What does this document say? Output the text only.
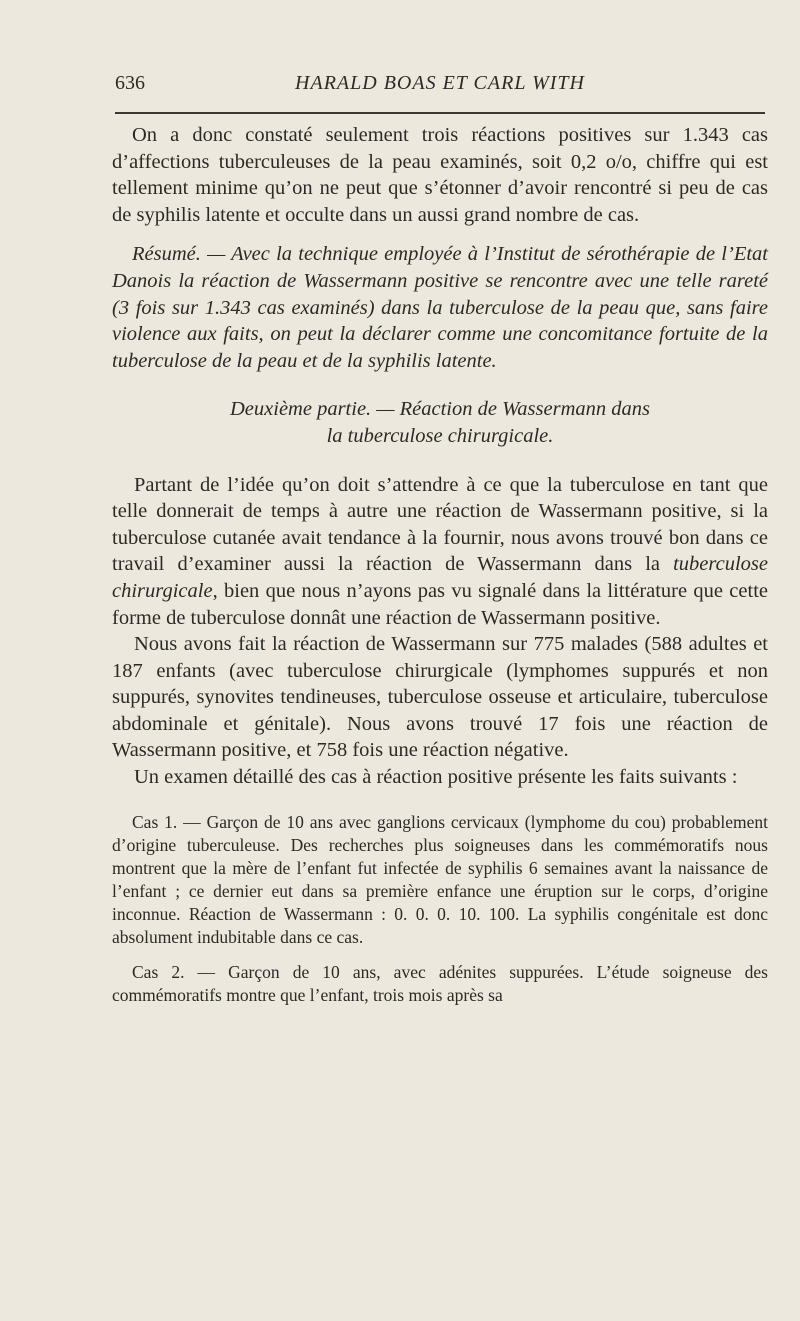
636	HARALD BOAS ET CARL WITH

On a donc constaté seulement trois réactions positives sur 1.343 cas d’affections tuberculeuses de la peau examinés, soit 0,2 o/o, chiffre qui est tellement minime qu’on ne peut que s’étonner d’avoir rencontré si peu de cas de syphilis latente et occulte dans un aussi grand nombre de cas.

Résumé. — Avec la technique employée à l’Institut de sérothérapie de l’Etat Danois la réaction de Wassermann positive se rencontre avec une telle rareté (3 fois sur 1.343 cas examinés) dans la tuberculose de la peau que, sans faire violence aux faits, on peut la déclarer comme une concomitance fortuite de la tuberculose de la peau et de la syphilis latente.

Deuxième partie. — Réaction de Wassermann dans
la tuberculose chirurgicale.

Partant de l’idée qu’on doit s’attendre à ce que la tuberculose en tant que telle donnerait de temps à autre une réaction de Wassermann positive, si la tuberculose cutanée avait tendance à la fournir, nous avons trouvé bon dans ce travail d’examiner aussi la réaction de Wassermann dans la tuberculose chirurgicale, bien que nous n’ayons pas vu signalé dans la littérature que cette forme de tuberculose donnât une réaction de Wassermann positive.

Nous avons fait la réaction de Wassermann sur 775 malades (588 adultes et 187 enfants (avec tuberculose chirurgicale (lymphomes suppurés et non suppurés, synovites tendineuses, tuberculose osseuse et articulaire, tuberculose abdominale et génitale). Nous avons trouvé 17 fois une réaction de Wassermann positive, et 758 fois une réaction négative.

Un examen détaillé des cas à réaction positive présente les faits suivants :

Cas 1. — Garçon de 10 ans avec ganglions cervicaux (lymphome du cou) probablement d’origine tuberculeuse. Des recherches plus soigneuses dans les commémoratifs nous montrent que la mère de l’enfant fut infectée de syphilis 6 semaines avant la naissance de l’enfant ; ce dernier eut dans sa première enfance une éruption sur le corps, d’origine inconnue. Réaction de Wassermann : 0. 0. 0. 10. 100. La syphilis congénitale est donc absolument indubitable dans ce cas.

Cas 2. — Garçon de 10 ans, avec adénites suppurées. L’étude soigneuse des commémoratifs montre que l’enfant, trois mois après sa
